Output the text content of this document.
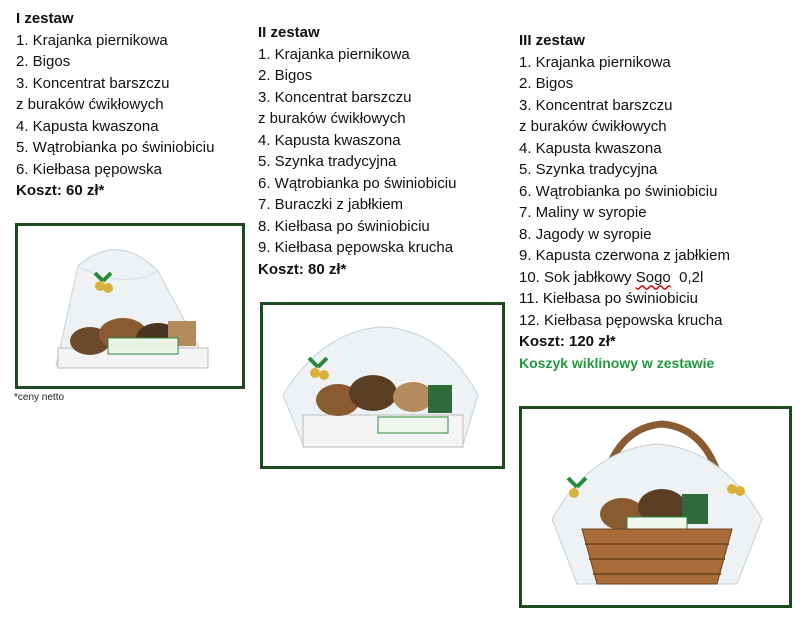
I zestaw
1. Krajanka piernikowa
2. Bigos
3. Koncentrat barszczu
z buraków ćwikłowych
4. Kapusta kwaszona
5. Wątrobianka po świniobiciu
6. Kiełbasa pępowska
Koszt: 60 zł*
II zestaw
1. Krajanka piernikowa
2. Bigos
3. Koncentrat barszczu
z buraków ćwikłowych
4. Kapusta kwaszona
5. Szynka tradycyjna
6. Wątrobianka po świniobiciu
7. Buraczki z jabłkiem
8. Kiełbasa po świniobiciu
9. Kiełbasa pępowska krucha
Koszt: 80 zł*
III zestaw
1. Krajanka piernikowa
2. Bigos
3. Koncentrat barszczu
z buraków ćwikłowych
4. Kapusta kwaszona
5. Szynka tradycyjna
6. Wątrobianka po świniobiciu
7. Maliny w syropie
8. Jagody w syropie
9. Kapusta czerwona z jabłkiem
10. Sok jabłkowy Sogo  0,2l
11. Kiełbasa po świniobiciu
12. Kiełbasa pępowska krucha
Koszt: 120 zł*
Koszyk wiklinowy w zestawie
*ceny netto
